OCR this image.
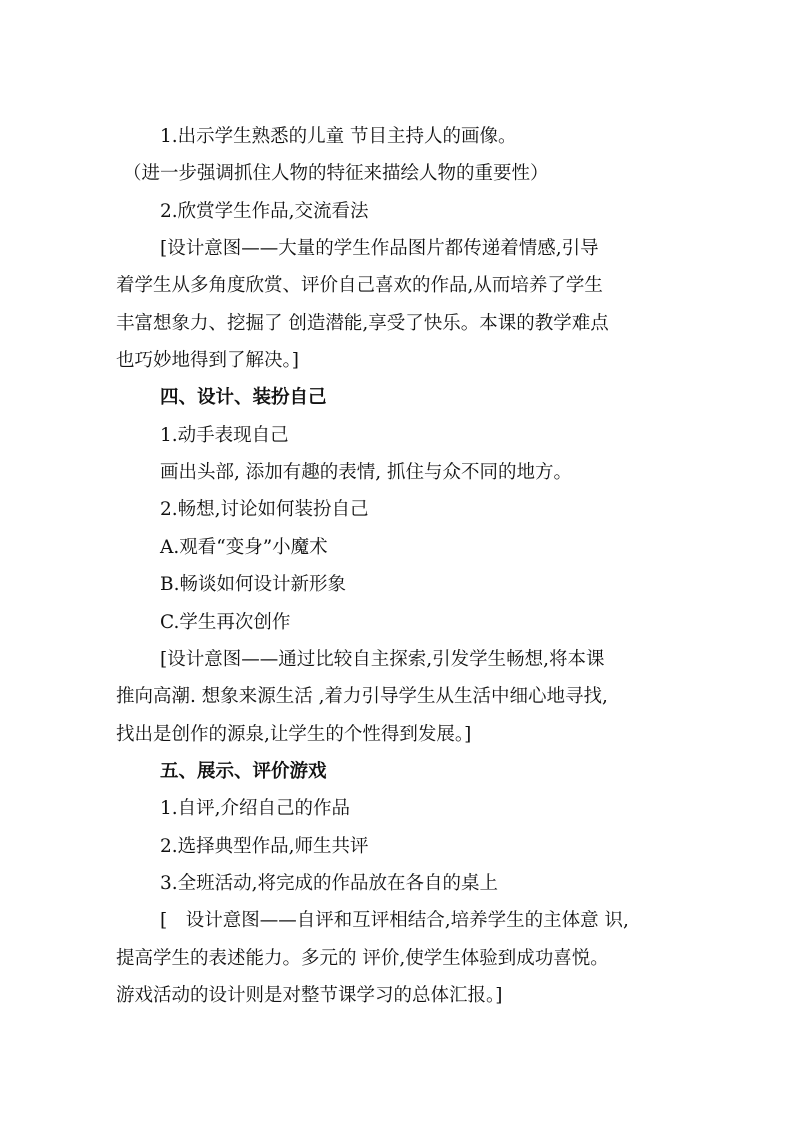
1.出示学生熟悉的儿童 节目主持人的画像。
（进一步强调抓住人物的特征来描绘人物的重要性）
2.欣赏学生作品,交流看法
[设计意图——大量的学生作品图片都传递着情感,引导
着学生从多角度欣赏、评价自己喜欢的作品,从而培养了学生
丰富想象力、挖掘了 创造潜能,享受了快乐。本课的教学难点
也巧妙地得到了解决。]
四、设计、装扮自己
1.动手表现自己
画出头部, 添加有趣的表情, 抓住与众不同的地方。
2.畅想,讨论如何装扮自己
A.观看“变身”小魔术
B.畅谈如何设计新形象
C.学生再次创作
[设计意图——通过比较自主探索,引发学生畅想,将本课
推向高潮. 想象来源生活 ,着力引导学生从生活中细心地寻找,
找出是创作的源泉,让学生的个性得到发展。]
五、展示、评价游戏
1.自评,介绍自己的作品
2.选择典型作品,师生共评
3.全班活动,将完成的作品放在各自的桌上
[　设计意图——自评和互评相结合,培养学生的主体意 识,
提高学生的表述能力。多元的 评价,使学生体验到成功喜悦。
游戏活动的设计则是对整节课学习的总体汇报。]
